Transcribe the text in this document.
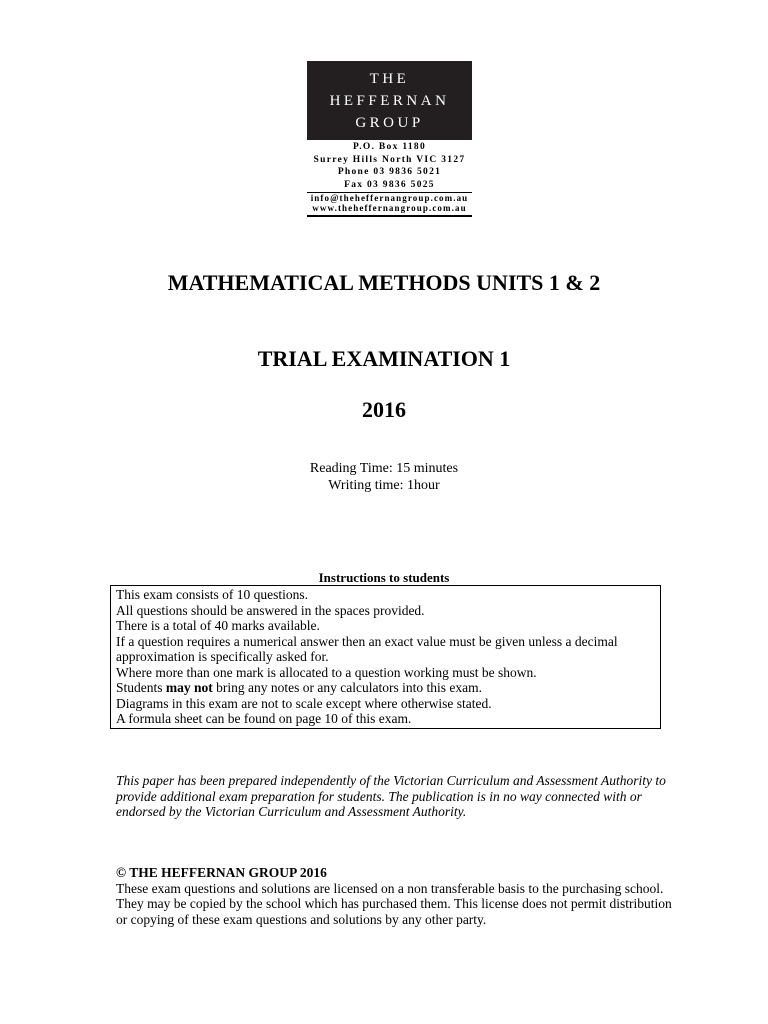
THE
HEFFERNAN
GROUP
P.O. Box 1180
Surrey Hills North VIC 3127
Phone 03 9836 5021
Fax 03 9836 5025
info@theheffernangroup.com.au
www.theheffernangroup.com.au
MATHEMATICAL METHODS UNITS 1 & 2
TRIAL EXAMINATION 1
2016
Reading Time: 15 minutes
Writing time: 1hour
Instructions to students
This exam consists of 10 questions.
All questions should be answered in the spaces provided.
There is a total of 40 marks available.
If a question requires a numerical answer then an exact value must be given unless a decimal
approximation is specifically asked for.
Where more than one mark is allocated to a question working must be shown.
Students may not bring any notes or any calculators into this exam.
Diagrams in this exam are not to scale except where otherwise stated.
A formula sheet can be found on page 10 of this exam.
This paper has been prepared independently of the Victorian Curriculum and Assessment Authority to provide additional exam preparation for students. The publication is in no way connected with or endorsed by the Victorian Curriculum and Assessment Authority.
© THE HEFFERNAN GROUP 2016
These exam questions and solutions are licensed on a non transferable basis to the purchasing school. They may be copied by the school which has purchased them. This license does not permit distribution or copying of these exam questions and solutions by any other party.
